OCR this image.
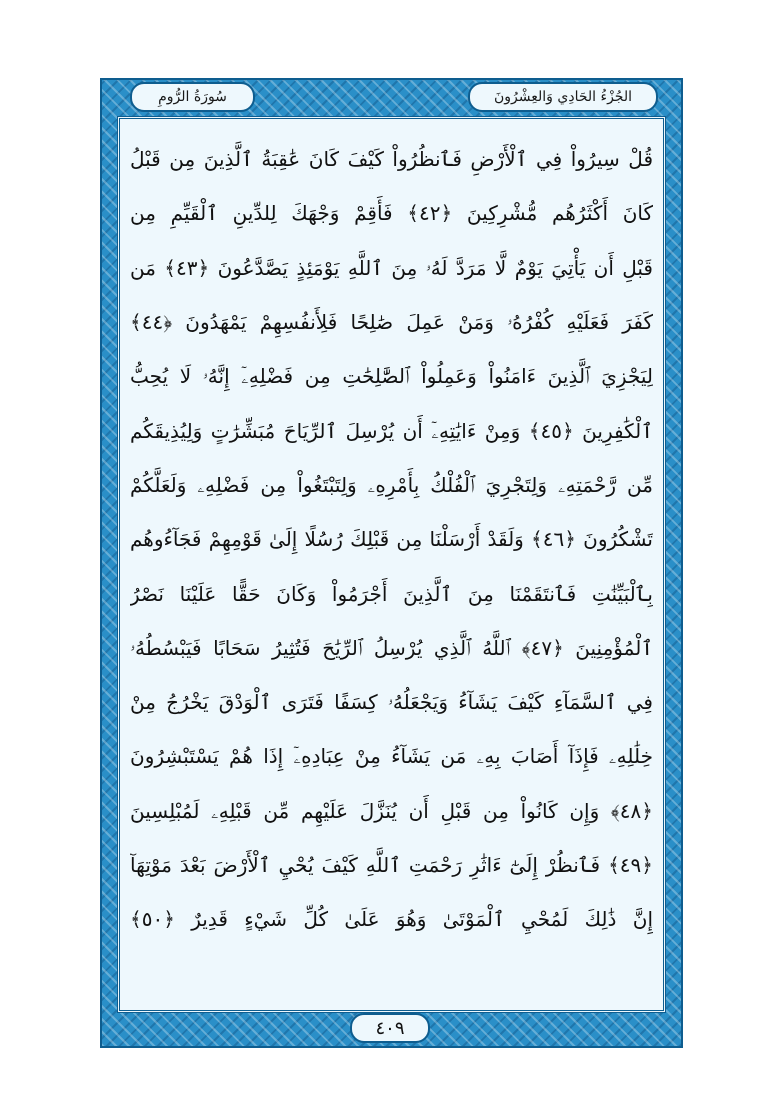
الجُزْءُ الحَادِي وَالعِشْرُونَ
سُورَةُ الرُّومِ
قُلْ سِيرُواْ فِي ٱلْأَرْضِ فَٱنظُرُواْ كَيْفَ كَانَ عَٰقِبَةُ ٱلَّذِينَ مِن قَبْلُ
كَانَ أَكْثَرُهُم مُّشْرِكِينَ ﴿٤٢﴾ فَأَقِمْ وَجْهَكَ لِلدِّينِ ٱلْقَيِّمِ مِن
قَبْلِ أَن يَأْتِيَ يَوْمٌ لَّا مَرَدَّ لَهُۥ مِنَ ٱللَّهِ يَوْمَئِذٍ يَصَّدَّعُونَ ﴿٤٣﴾ مَن
كَفَرَ فَعَلَيْهِ كُفْرُهُۥ وَمَنْ عَمِلَ صَٰلِحًا فَلِأَنفُسِهِمْ يَمْهَدُونَ ﴿٤٤﴾
لِيَجْزِيَ ٱلَّذِينَ ءَامَنُواْ وَعَمِلُواْ ٱلصَّٰلِحَٰتِ مِن فَضْلِهِۦٓ إِنَّهُۥ لَا يُحِبُّ
ٱلْكَٰفِرِينَ ﴿٤٥﴾ وَمِنْ ءَايَٰتِهِۦٓ أَن يُرْسِلَ ٱلرِّيَاحَ مُبَشِّرَٰتٍ وَلِيُذِيقَكُم
مِّن رَّحْمَتِهِۦ وَلِتَجْرِيَ ٱلْفُلْكُ بِأَمْرِهِۦ وَلِتَبْتَغُواْ مِن فَضْلِهِۦ وَلَعَلَّكُمْ
تَشْكُرُونَ ﴿٤٦﴾ وَلَقَدْ أَرْسَلْنَا مِن قَبْلِكَ رُسُلًا إِلَىٰ قَوْمِهِمْ فَجَآءُوهُم
بِٱلْبَيِّنَٰتِ فَٱنتَقَمْنَا مِنَ ٱلَّذِينَ أَجْرَمُواْ وَكَانَ حَقًّا عَلَيْنَا نَصْرُ
ٱلْمُؤْمِنِينَ ﴿٤٧﴾ ٱللَّهُ ٱلَّذِي يُرْسِلُ ٱلرِّيَٰحَ فَتُثِيرُ سَحَابًا فَيَبْسُطُهُۥ
فِي ٱلسَّمَآءِ كَيْفَ يَشَآءُ وَيَجْعَلُهُۥ كِسَفًا فَتَرَى ٱلْوَدْقَ يَخْرُجُ مِنْ
خِلَٰلِهِۦ فَإِذَآ أَصَابَ بِهِۦ مَن يَشَآءُ مِنْ عِبَادِهِۦٓ إِذَا هُمْ يَسْتَبْشِرُونَ
﴿٤٨﴾ وَإِن كَانُواْ مِن قَبْلِ أَن يُنَزَّلَ عَلَيْهِم مِّن قَبْلِهِۦ لَمُبْلِسِينَ
﴿٤٩﴾ فَٱنظُرْ إِلَىٰٓ ءَاثَٰرِ رَحْمَتِ ٱللَّهِ كَيْفَ يُحْيِ ٱلْأَرْضَ بَعْدَ مَوْتِهَآ
إِنَّ ذَٰلِكَ لَمُحْيِ ٱلْمَوْتَىٰ وَهُوَ عَلَىٰ كُلِّ شَيْءٍ قَدِيرٌ ﴿٥٠﴾
٤٠٩
